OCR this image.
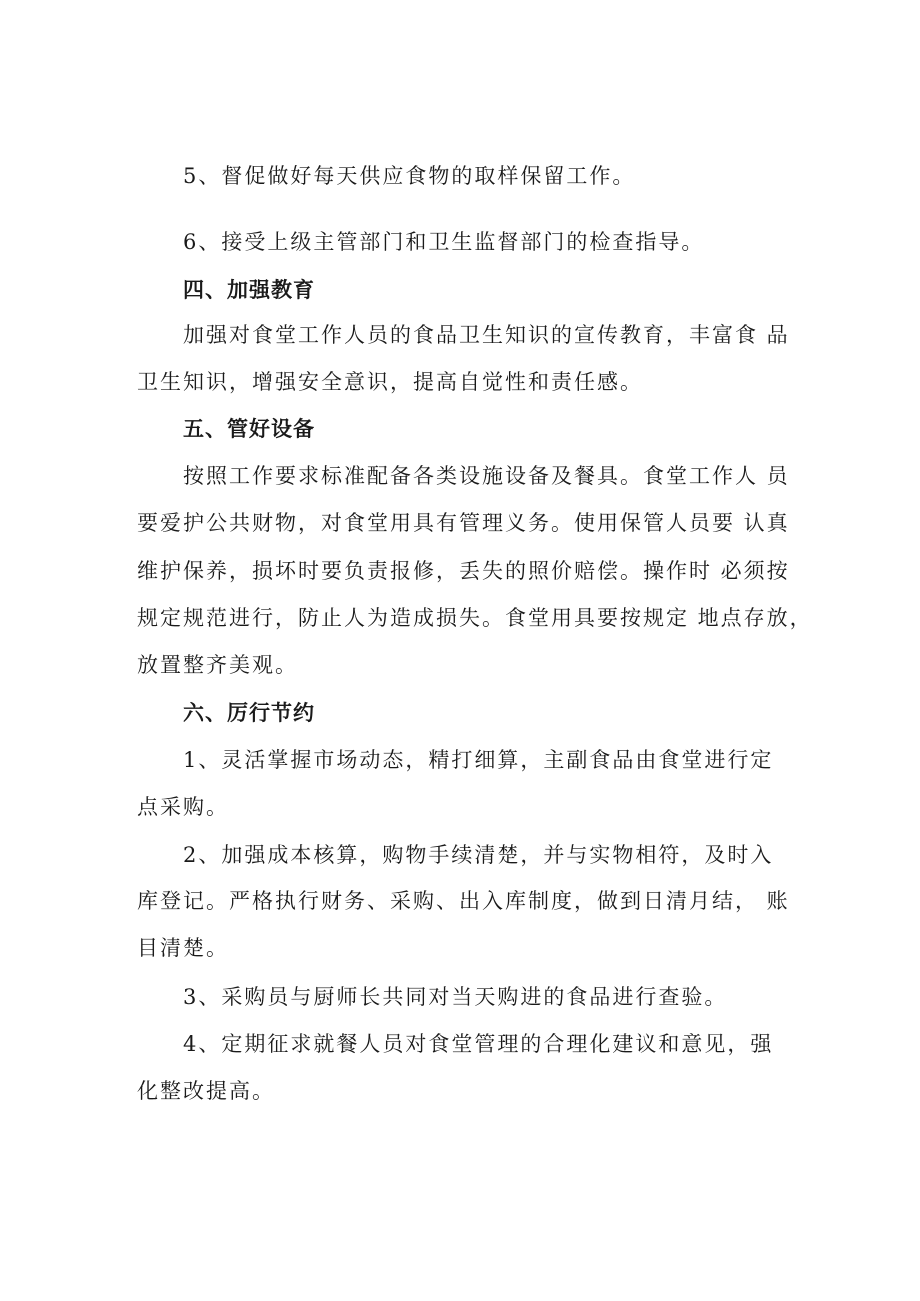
5、督促做好每天供应食物的取样保留工作。

6、接受上级主管部门和卫生监督部门的检查指导。

四、加强教育

加强对食堂工作人员的食品卫生知识的宣传教育，丰富食 品

卫生知识，增强安全意识，提高自觉性和责任感。

五、管好设备

按照工作要求标准配备各类设施设备及餐具。食堂工作人 员

要爱护公共财物，对食堂用具有管理义务。使用保管人员要 认真

维护保养，损坏时要负责报修，丢失的照价赔偿。操作时 必须按

规定规范进行，防止人为造成损失。食堂用具要按规定 地点存放，

放置整齐美观。

六、厉行节约

1、灵活掌握市场动态，精打细算，主副食品由食堂进行定

点采购。

2、加强成本核算，购物手续清楚，并与实物相符，及时入

库登记。严格执行财务、采购、出入库制度，做到日清月结， 账

目清楚。

3、采购员与厨师长共同对当天购进的食品进行查验。

4、定期征求就餐人员对食堂管理的合理化建议和意见，强

化整改提高。
